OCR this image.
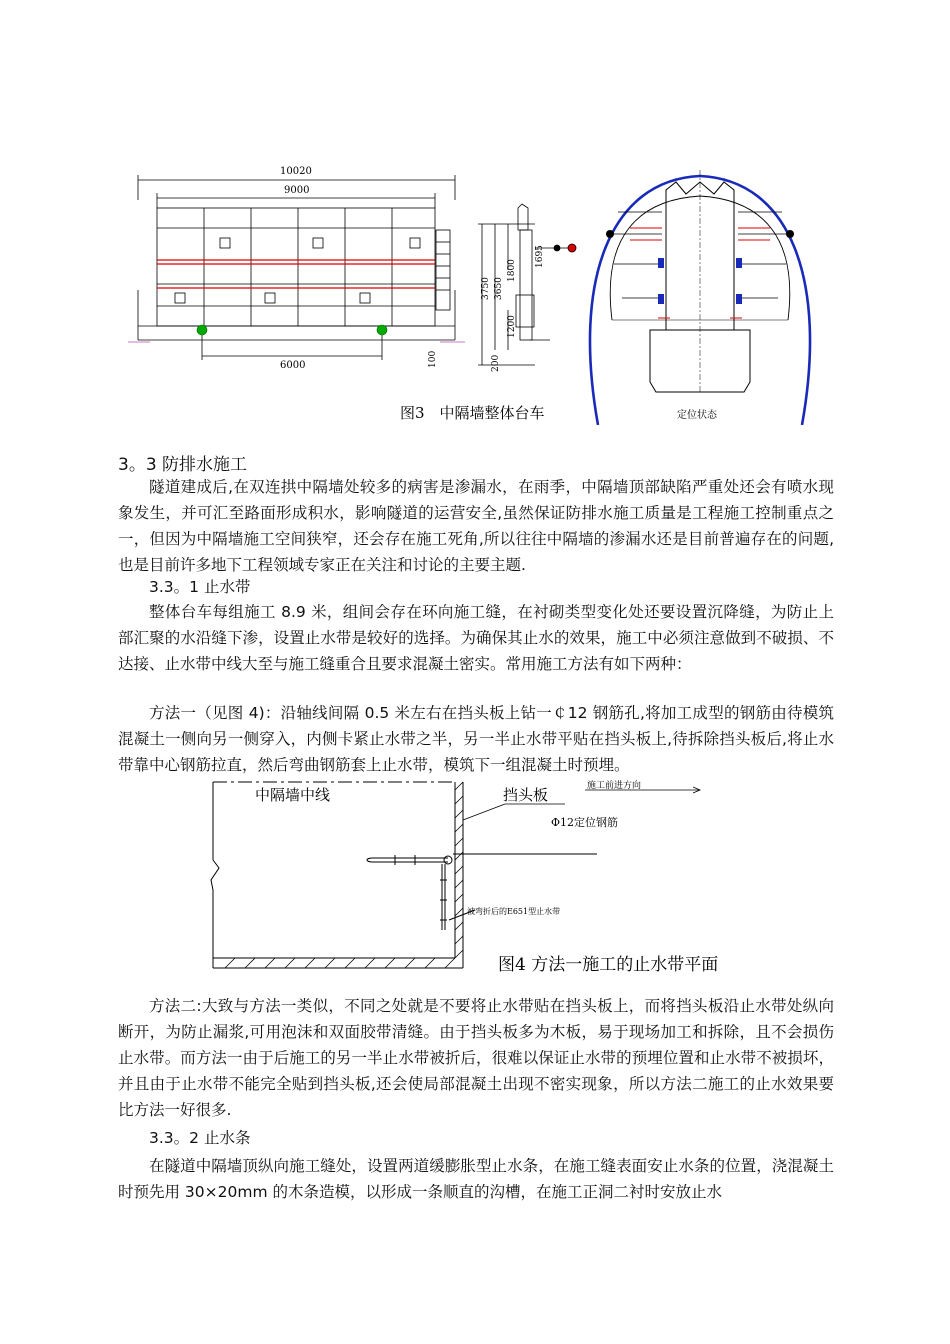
10020
9000
6000	100
3750 3650
1800
1695
1200
200
图3　中隔墙整体台车	定位状态
3。3 防排水施工

隧道建成后,在双连拱中隔墙处较多的病害是渗漏水，在雨季，中隔墙顶部缺陷严重处还会有喷水现象发生，并可汇至路面形成积水，影响隧道的运营安全,虽然保证防排水施工质量是工程施工控制重点之一，但因为中隔墙施工空间狭窄，还会存在施工死角,所以往往中隔墙的渗漏水还是目前普遍存在的问题,也是目前许多地下工程领域专家正在关注和讨论的主要主题.

3.3。1 止水带

整体台车每组施工 8.9 米，组间会存在环向施工缝，在衬砌类型变化处还要设置沉降缝，为防止上部汇聚的水沿缝下渗，设置止水带是较好的选择。为确保其止水的效果，施工中必须注意做到不破损、不达接、止水带中线大至与施工缝重合且要求混凝土密实。常用施工方法有如下两种：

方法一（见图 4)：沿轴线间隔 0.5 米左右在挡头板上钻一￠12 钢筋孔,将加工成型的钢筋由待模筑混凝土一侧向另一侧穿入，内侧卡紧止水带之半，另一半止水带平贴在挡头板上,待拆除挡头板后,将止水带靠中心钢筋拉直，然后弯曲钢筋套上止水带，模筑下一组混凝土时预埋。

中隔墙中线	挡头板	施工前进方向
Φ12定位钢筋
被弯折后的E651型止水带
图4 方法一施工的止水带平面

方法二:大致与方法一类似，不同之处就是不要将止水带贴在挡头板上，而将挡头板沿止水带处纵向断开，为防止漏浆,可用泡沫和双面胶带清缝。由于挡头板多为木板，易于现场加工和拆除，且不会损伤止水带。而方法一由于后施工的另一半止水带被折后，很难以保证止水带的预埋位置和止水带不被损坏，并且由于止水带不能完全贴到挡头板,还会使局部混凝土出现不密实现象，所以方法二施工的止水效果要比方法一好很多.

3.3。2 止水条

在隧道中隔墙顶纵向施工缝处，设置两道缓膨胀型止水条，在施工缝表面安止水条的位置，浇混凝土时预先用 30×20mm 的木条造模，以形成一条顺直的沟槽，在施工正洞二衬时安放止水
